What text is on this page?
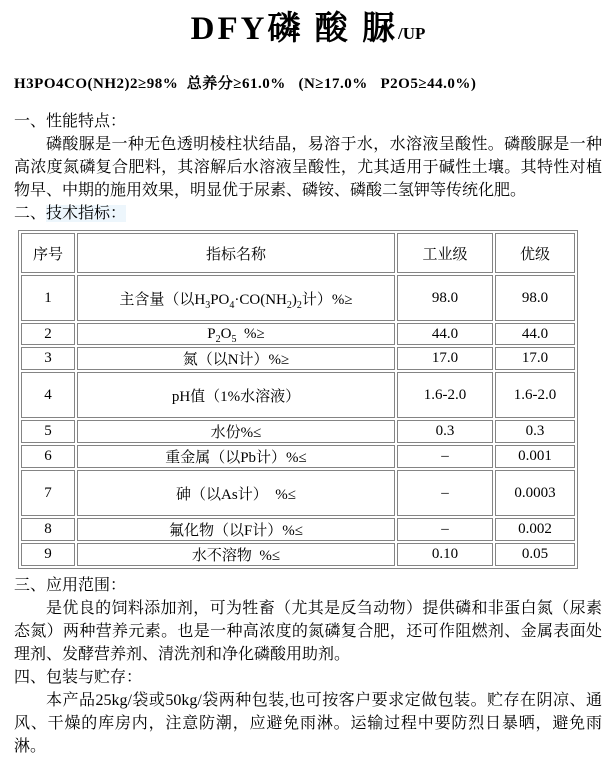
DFY磷 酸 脲/UP
H3PO4CO(NH2)2≥98%  总养分≥61.0%   (N≥17.0%   P2O5≥44.0%)
一、性能特点：

磷酸脲是一种无色透明棱柱状结晶，易溶于水，水溶液呈酸性。磷酸脲是一种高浓度氮磷复合肥料，其溶解后水溶液呈酸性，尤其适用于碱性土壤。其特性对植物早、中期的施用效果，明显优于尿素、磷铵、磷酸二氢钾等传统化肥。

二、技术指标：
序号	指标名称	工业级	优级
1	主含量（以$H_3PO_4\cdot CO(NH_2)_2$计）%≥	98.0	98.0
2	$P_2O_5$  %≥	44.0	44.0
3	氮（以N计）%≥	17.0	17.0
4	pH值（1%水溶液）	1.6-2.0	1.6-2.0
5	水份%≤	0.3	0.3
6	重金属（以Pb计）%≤	–	0.001
7	砷（以As计）  %≤	–	0.0003
8	氟化物（以F计）%≤	–	0.002
9	水不溶物  %≤	0.10	0.05
三、应用范围：

是优良的饲料添加剂，可为牲畜（尤其是反刍动物）提供磷和非蛋白氮（尿素态氮）两种营养元素。也是一种高浓度的氮磷复合肥，还可作阻燃剂、金属表面处理剂、发酵营养剂、清洗剂和净化磷酸用助剂。

四、包装与贮存：

本产品25kg/袋或50kg/袋两种包装,也可按客户要求定做包装。贮存在阴凉、通风、干燥的库房内，注意防潮，应避免雨淋。运输过程中要防烈日暴晒，避免雨淋。
